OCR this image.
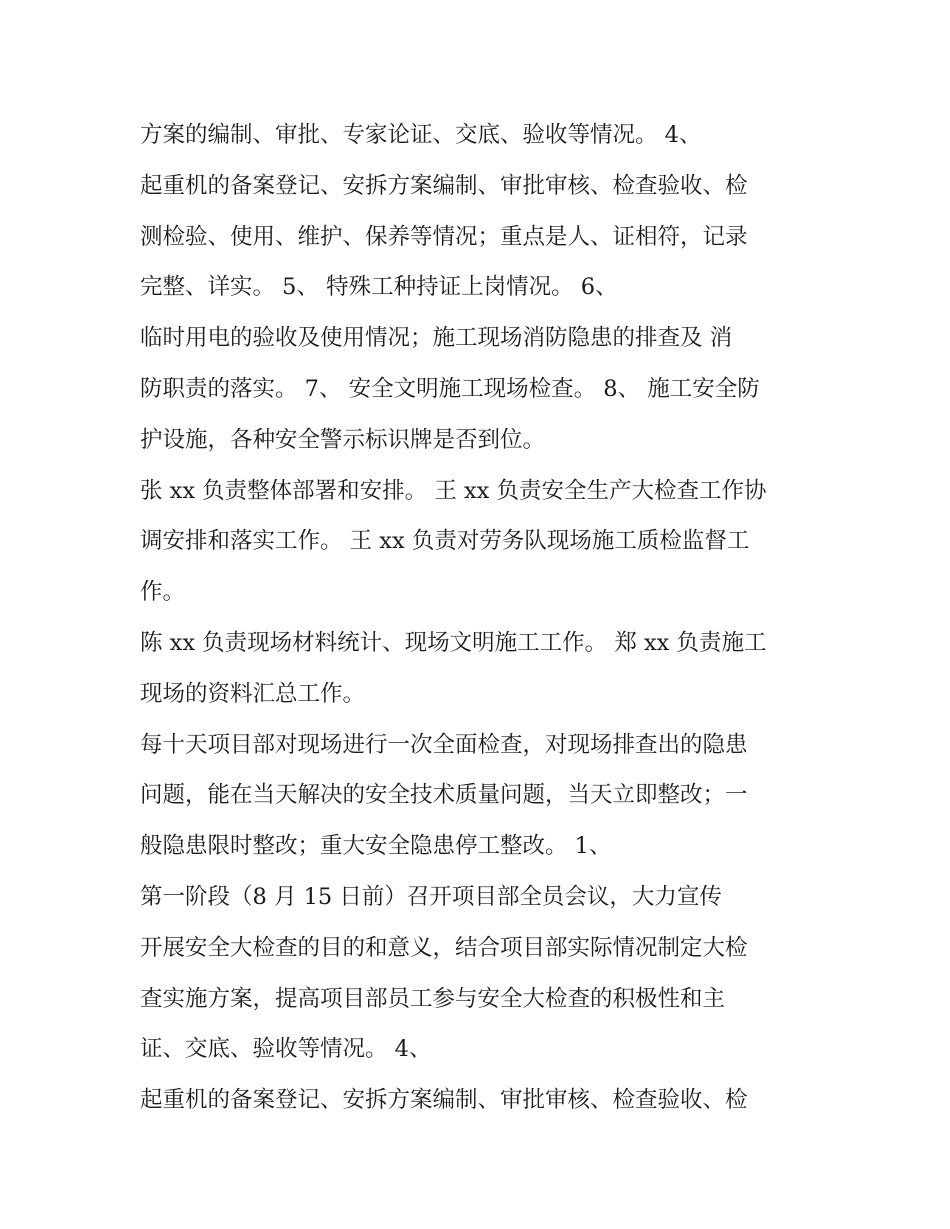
方案的编制、审批、专家论证、交底、验收等情况。 4、
起重机的备案登记、安拆方案编制、审批审核、检查验收、检
测检验、使用、维护、保养等情况；重点是人、证相符，记录
完整、详实。 5、 特殊工种持证上岗情况。 6、
临时用电的验收及使用情况；施工现场消防隐患的排查及 消
防职责的落实。 7、 安全文明施工现场检查。 8、 施工安全防
护设施，各种安全警示标识牌是否到位。
张 xx 负责整体部署和安排。 王 xx 负责安全生产大检查工作协
调安排和落实工作。 王 xx 负责对劳务队现场施工质检监督工
作。
陈 xx 负责现场材料统计、现场文明施工工作。 郑 xx 负责施工
现场的资料汇总工作。
每十天项目部对现场进行一次全面检查，对现场排查出的隐患
问题，能在当天解决的安全技术质量问题，当天立即整改；一
般隐患限时整改；重大安全隐患停工整改。 1、
第一阶段（8 月 15 日前）召开项目部全员会议，大力宣传
开展安全大检查的目的和意义，结合项目部实际情况制定大检
查实施方案，提高项目部员工参与安全大检查的积极性和主
证、交底、验收等情况。 4、
起重机的备案登记、安拆方案编制、审批审核、检查验收、检
